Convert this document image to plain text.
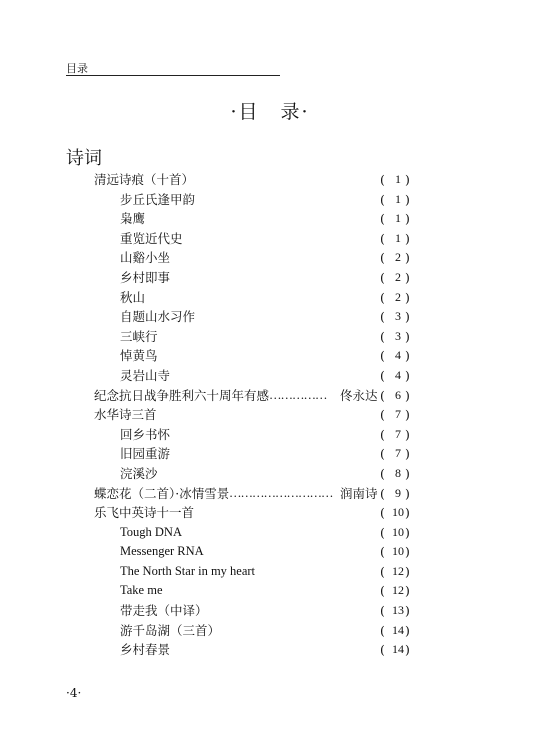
目录
·目　录·
诗词
清远诗痕（十首）	( 1 )
步丘氏逢甲韵	( 1 )
枭鹰	( 1 )
重览近代史	( 1 )
山谿小坐	( 2 )
乡村即事	( 2 )
秋山	( 2 )
自题山水习作	( 3 )
三峡行	( 3 )
悼黄鸟	( 4 )
灵岩山寺	( 4 )
纪念抗日战争胜利六十周年有感 ……………	佟永达 ( 6 )
水华诗三首	( 7 )
回乡书怀	( 7 )
旧园重游	( 7 )
浣溪沙	( 8 )
蝶恋花（二首）·冰情雪景 ……………………… 润南诗 ( 9 )
乐飞中英诗十一首	( 10 )
Tough DNA	( 10 )
Messenger RNA	( 10 )
The North Star in my heart	( 12 )
Take me	( 12 )
带走我（中译）	( 13 )
游千岛湖（三首）	( 14 )
乡村春景	( 14 )
·4·
